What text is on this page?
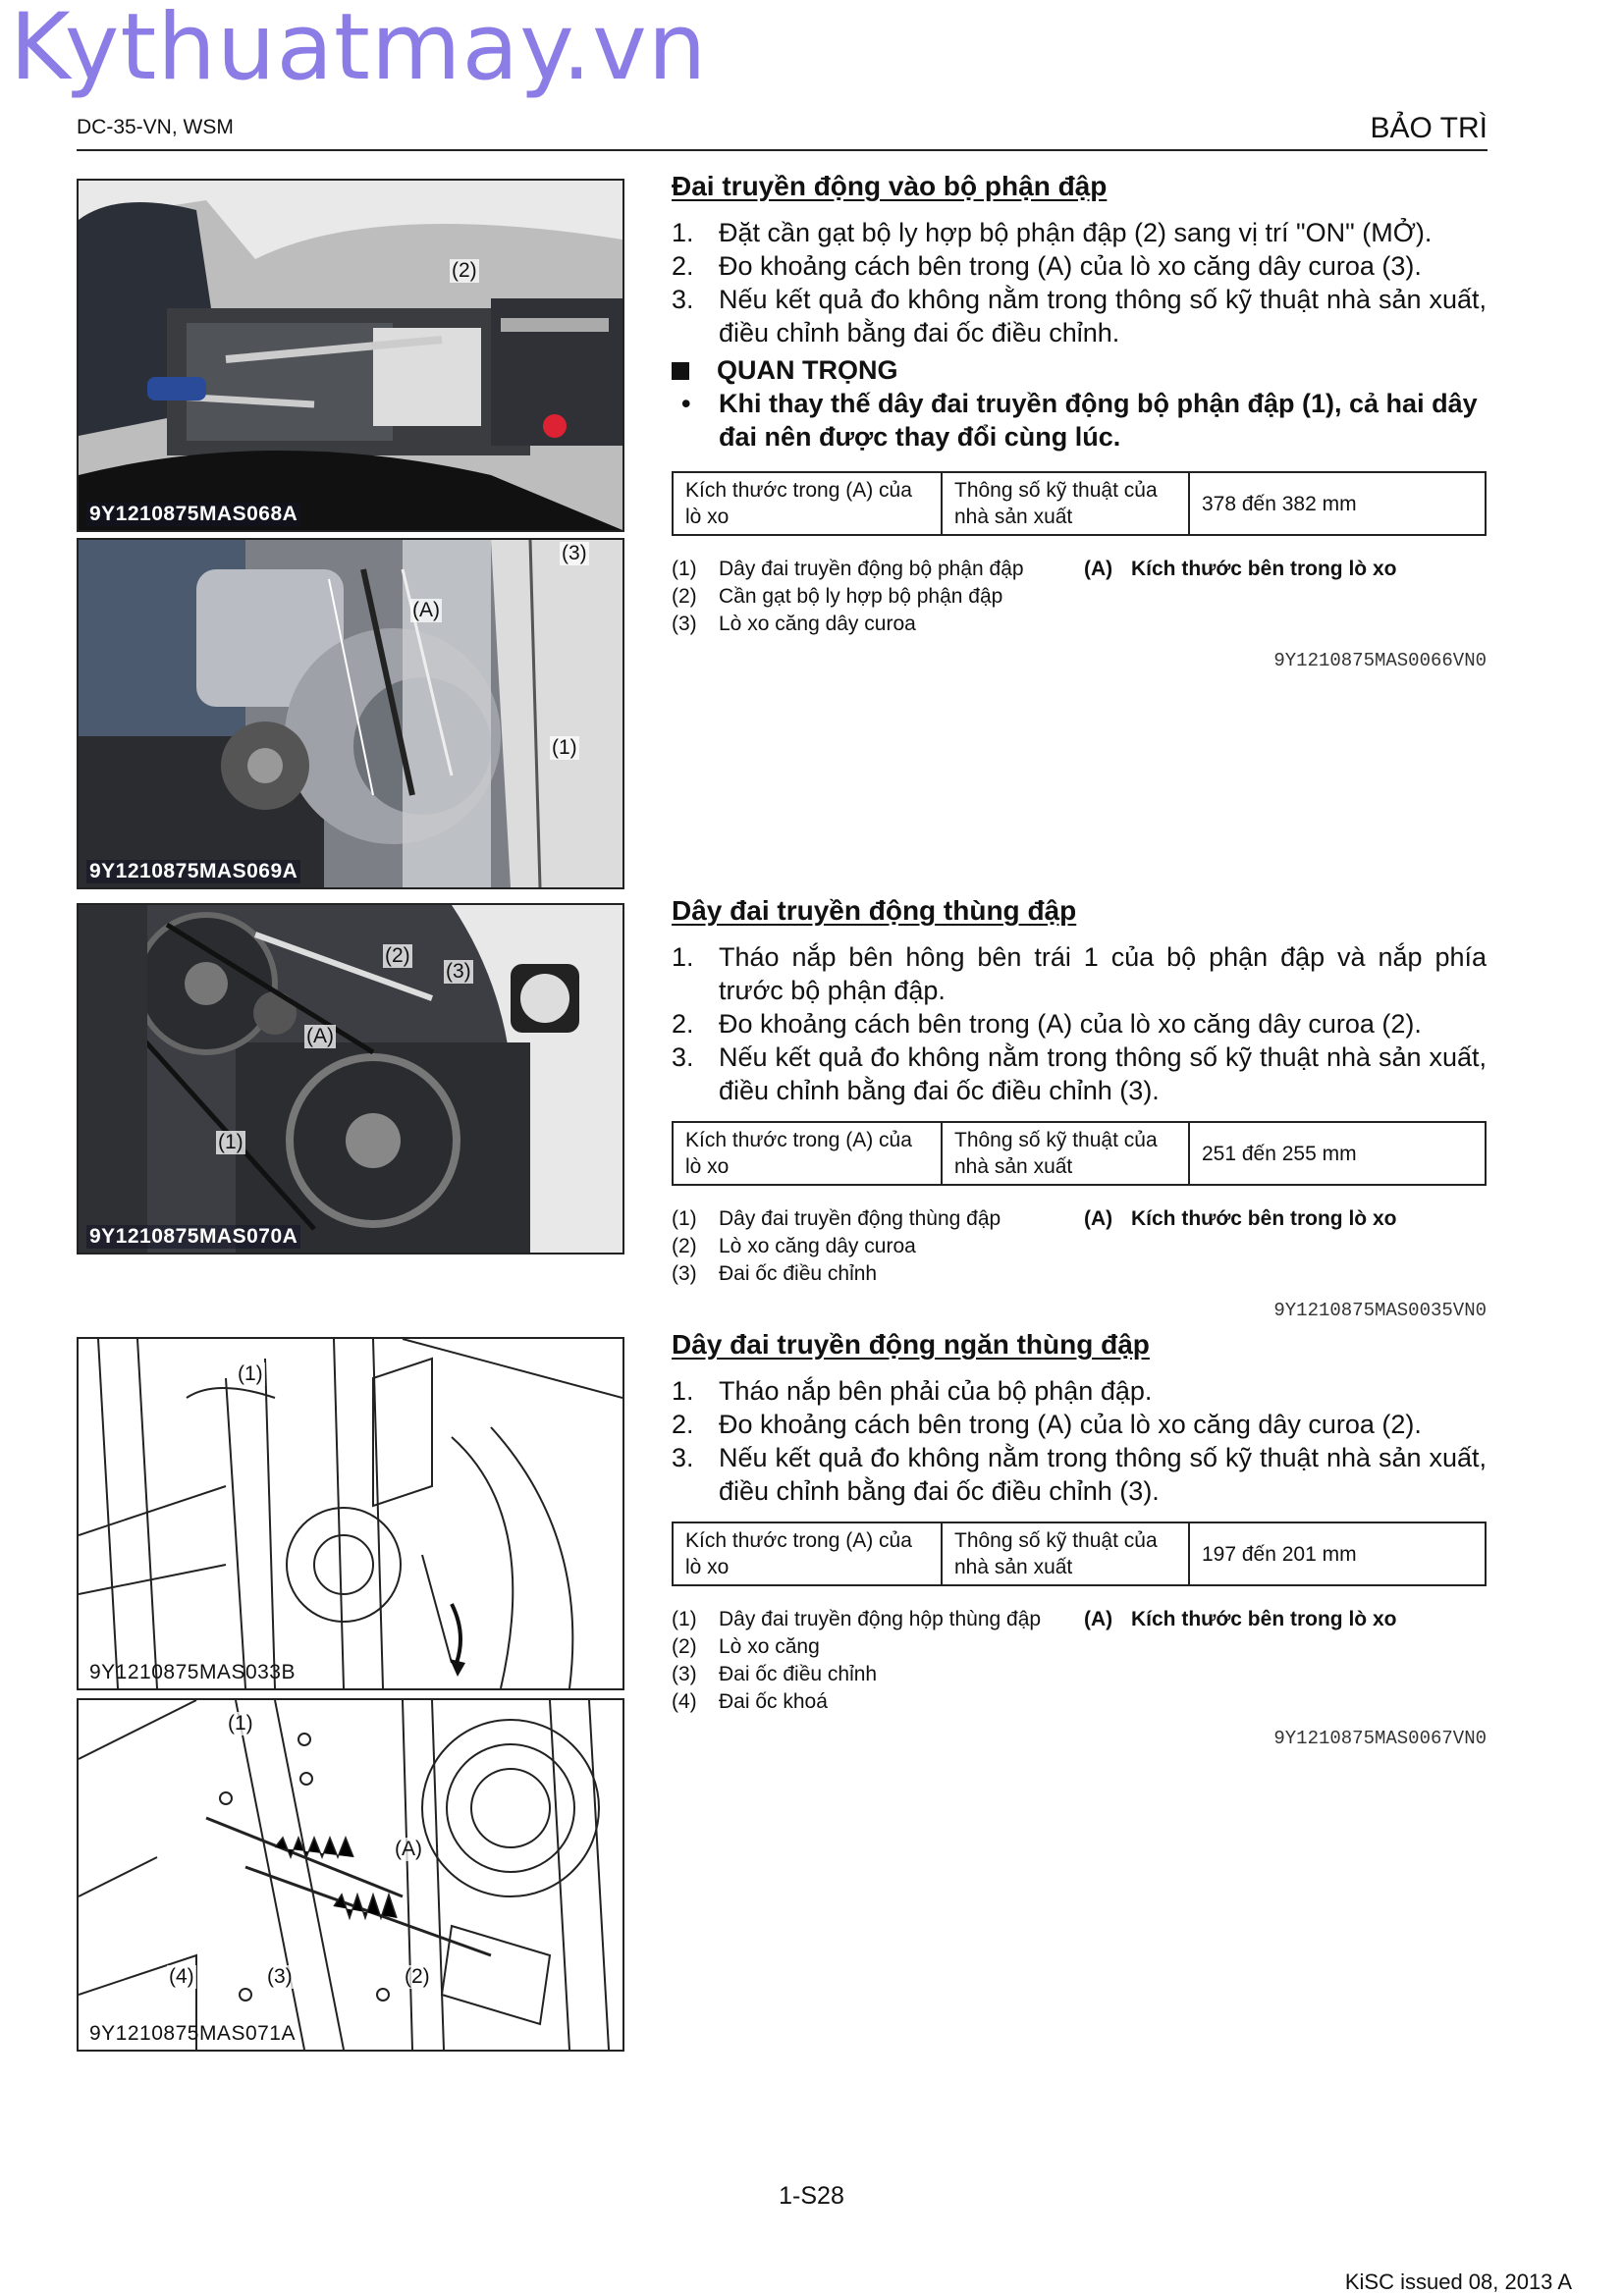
Kythuatmay.vn
DC-35-VN, WSM	BẢO TRÌ
(2)
9Y1210875MAS068A
(3)
(A)
(1)
9Y1210875MAS069A
(2)
(3)
(A)
(1)
9Y1210875MAS070A
(1)
9Y1210875MAS033B
(1)
(A)
(4)	(3)	(2)
9Y1210875MAS071A
Đai truyền động vào bộ phận đập
1. Đặt cần gạt bộ ly hợp bộ phận đập (2) sang vị trí "ON" (MỞ).
2. Đo khoảng cách bên trong (A) của lò xo căng dây curoa (3).
3. Nếu kết quả đo không nằm trong thông số kỹ thuật nhà sản xuất, điều chỉnh bằng đai ốc điều chỉnh.
QUAN TRỌNG
•	Khi thay thế dây đai truyền động bộ phận đập (1), cả hai dây đai nên được thay đổi cùng lúc.
Kích thước trong (A) của lò xo	Thông số kỹ thuật của nhà sản xuất	378 đến 382 mm
(1)	Dây đai truyền động bộ phận đập
(2)	Cần gạt bộ ly hợp bộ phận đập
(3)	Lò xo căng dây curoa
(A) Kích thước bên trong lò xo
9Y1210875MAS0066VN0
Dây đai truyền động thùng đập
1. Tháo nắp bên hông bên trái 1 của bộ phận đập và nắp phía trước bộ phận đập.
2. Đo khoảng cách bên trong (A) của lò xo căng dây curoa (2).
3. Nếu kết quả đo không nằm trong thông số kỹ thuật nhà sản xuất, điều chỉnh bằng đai ốc điều chỉnh (3).
Kích thước trong (A) của lò xo	Thông số kỹ thuật của nhà sản xuất	251 đến 255 mm
(1)	Dây đai truyền động thùng đập
(2)	Lò xo căng dây curoa
(3)	Đai ốc điều chỉnh
(A) Kích thước bên trong lò xo
9Y1210875MAS0035VN0
Dây đai truyền động ngăn thùng đập
1. Tháo nắp bên phải của bộ phận đập.
2. Đo khoảng cách bên trong (A) của lò xo căng dây curoa (2).
3. Nếu kết quả đo không nằm trong thông số kỹ thuật nhà sản xuất, điều chỉnh bằng đai ốc điều chỉnh (3).
Kích thước trong (A) của lò xo	Thông số kỹ thuật của nhà sản xuất	197 đến 201 mm
(1)	Dây đai truyền động hộp thùng đập
(2)	Lò xo căng
(3)	Đai ốc điều chỉnh
(4)	Đai ốc khoá
(A) Kích thước bên trong lò xo
9Y1210875MAS0067VN0
1-S28
KiSC issued 08, 2013 A
